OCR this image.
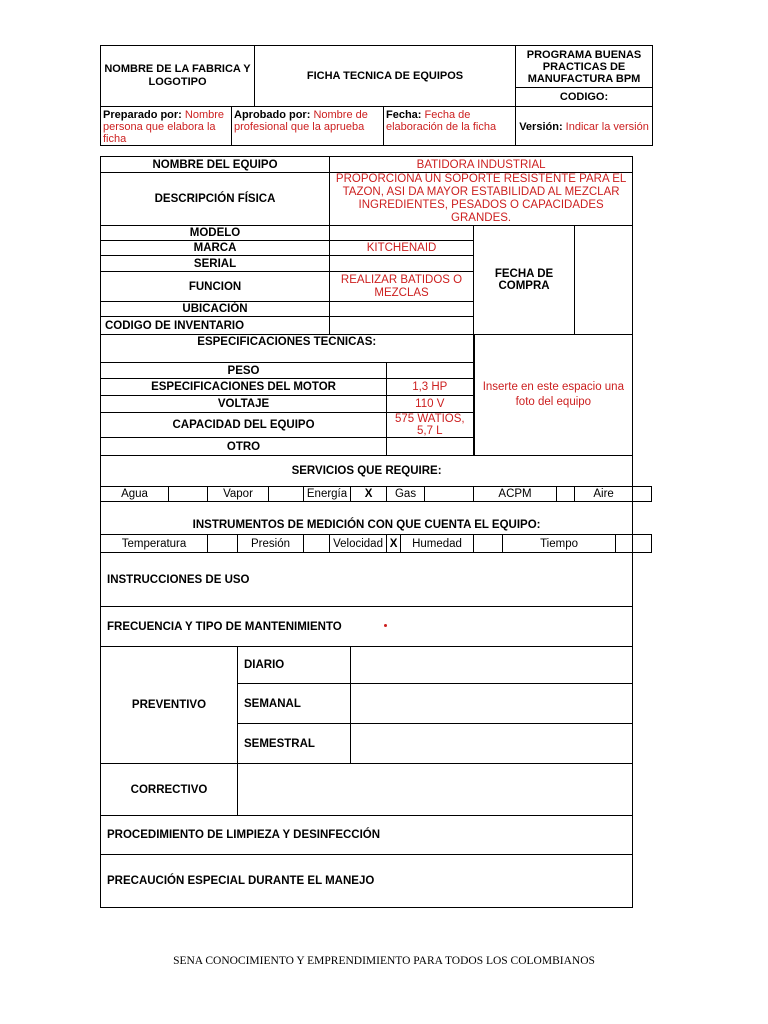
NOMBRE DE LA FABRICA Y LOGOTIPO		FICHA TECNICA DE EQUIPOS		PROGRAMA BUENAS PRACTICAS DE MANUFACTURA BPM
				CODIGO:
Preparado por: Nombre persona que elabora la ficha	Aprobado por: Nombre de profesional que la aprueba		Fecha: Fecha de elaboración de la ficha	Versión: Indicar la versión
NOMBRE DEL EQUIPO						BATIDORA INDUSTRIAL										
DESCRIPCIÓN FÍSICA						PROPORCIONA UN SOPORTE RESISTENTE PARA EL TAZON, ASI DA MAYOR ESTABILIDAD AL MEZCLAR INGREDIENTES, PESADOS O CAPACIDADES GRANDES.										
MODELO											FECHA DE COMPRA					
MARCA						KITCHENAID										
SERIAL																
FUNCION						REALIZAR BATIDOS O MEZCLAS										
UBICACIÓN																
CODIGO DE INVENTARIO																
ESPECIFICACIONES TECNICAS:											Inserte en este espacio una foto del equipo					

PESO																
ESPECIFICACIONES DEL MOTOR								1,3 HP								
VOLTAJE								110 V								
CAPACIDAD DEL EQUIPO								575 WATIOS, 5,7 L								
OTRO																
SERVICIOS QUE REQUIRE:																
Agua		Vapor			Energía		X	Gas			ACPM			Aire		
INSTRUMENTOS DE MEDICIÓN CON QUE CUENTA EL EQUIPO:																
Temperatura			Presión			Velocidad		X	Humedad			Tiempo				
INSTRUCCIONES DE USO																
FRECUENCIA Y TIPO DE MANTENIMIENTO																
PREVENTIVO			DIARIO													
			SEMANAL													
			SEMESTRAL													
CORRECTIVO																
PROCEDIMIENTO DE LIMPIEZA Y DESINFECCIÓN																
PRECAUCIÓN ESPECIAL DURANTE EL MANEJO																
SENA CONOCIMIENTO Y EMPRENDIMIENTO PARA TODOS LOS COLOMBIANOS
